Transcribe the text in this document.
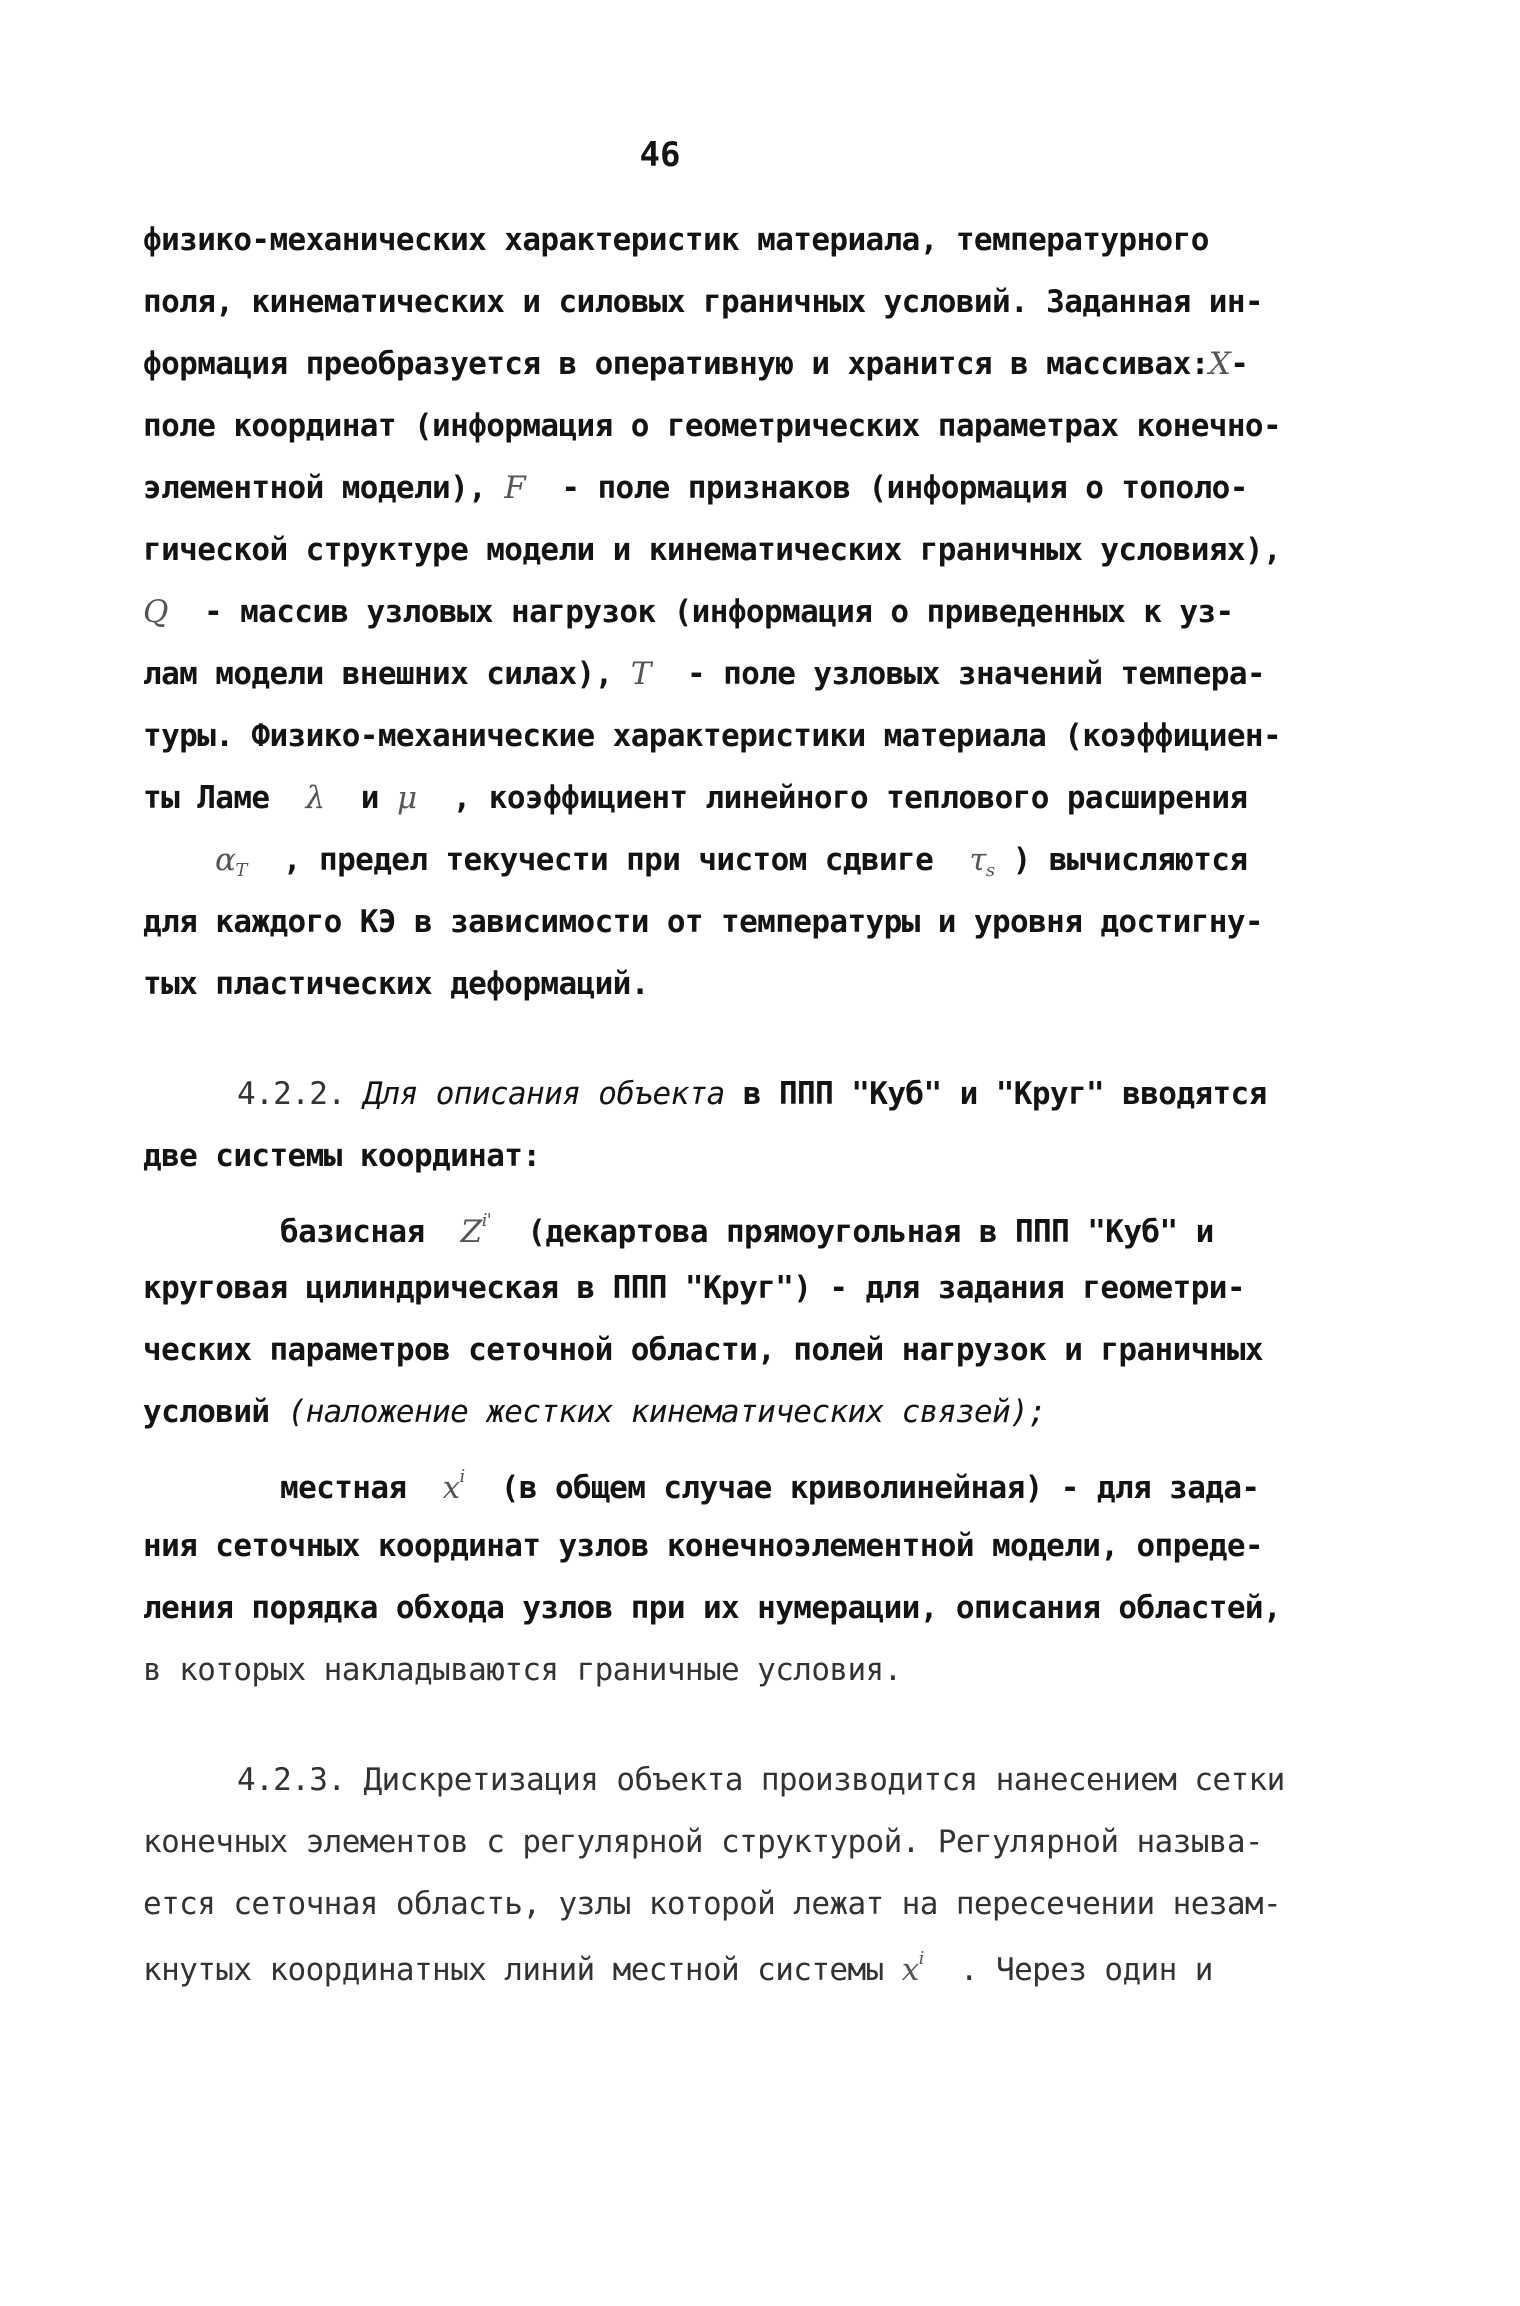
46
физико-механических характеристик материала, температурного
поля, кинематических и силовых граничных условий. Заданная ин-
формация преобразуется в оперативную и хранится в массивах:X-
поле координат (информация о геометрических параметрах конечно-
элементной модели), F - поле признаков (информация о тополо-
гической структуре модели и кинематических граничных условиях),
Q - массив узловых нагрузок (информация о приведенных к уз-
лам модели внешних силах), T - поле узловых значений темпера-
туры. Физико-механические характеристики материала (коэффициен-
ты Ламе λ и μ , коэффициент линейного теплового расширения
$\alpha_T$ , предел текучести при чистом сдвиге $\tau_s$ ) вычисляются
для каждого КЭ в зависимости от температуры и уровня достигну-
тых пластических деформаций.
4.2.2. Для описания объекта в ППП "Куб" и "Круг" вводятся
две системы координат:
базисная $Z^{i'}$ (декартова прямоугольная в ППП "Куб" и
круговая цилиндрическая в ППП "Круг") - для задания геометри-
ческих параметров сеточной области, полей нагрузок и граничных
условий (наложение жестких кинематических связей);
местная $x^i$ (в общем случае криволинейная) - для зада-
ния сеточных координат узлов конечноэлементной модели, опреде-
ления порядка обхода узлов при их нумерации, описания областей,
в которых накладываются граничные условия.
4.2.3. Дискретизация объекта производится нанесением сетки
конечных элементов с регулярной структурой. Регулярной называ-
ется сеточная область, узлы которой лежат на пересечении незам-
кнутых координатных линий местной системы $x^i$ . Через один и
